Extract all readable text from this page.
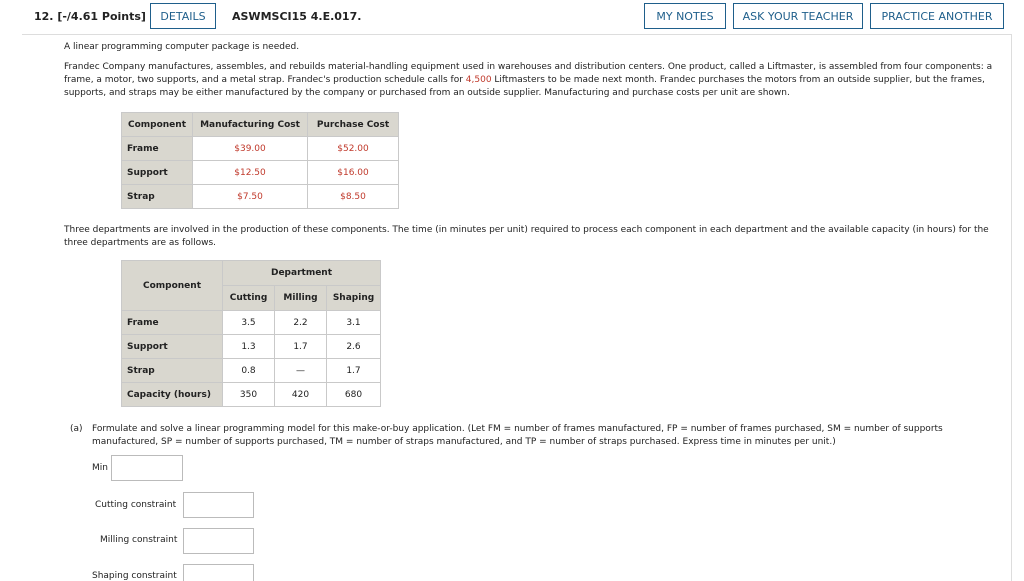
12. [-/4.61 Points]	DETAILS	ASWMSCI15 4.E.017.	MY NOTES	ASK YOUR TEACHER	PRACTICE ANOTHER

A linear programming computer package is needed.

Frandec Company manufactures, assembles, and rebuilds material-handling equipment used in warehouses and distribution centers. One product, called a Liftmaster, is assembled from four components: a frame, a motor, two supports, and a metal strap. Frandec's production schedule calls for 4,500 Liftmasters to be made next month. Frandec purchases the motors from an outside supplier, but the frames, supports, and straps may be either manufactured by the company or purchased from an outside supplier. Manufacturing and purchase costs per unit are shown.

Component	Manufacturing Cost	Purchase Cost
Frame	$39.00	$52.00
Support	$12.50	$16.00
Strap	$7.50	$8.50

Three departments are involved in the production of these components. The time (in minutes per unit) required to process each component in each department and the available capacity (in hours) for the three departments are as follows.

Component	Department		
	Cutting	Milling	Shaping
Frame	3.5	2.2	3.1
Support	1.3	1.7	2.6
Strap	0.8	—	1.7
Capacity (hours)	350	420	680
(a) Formulate and solve a linear programming model for this make-or-buy application. (Let FM = number of frames manufactured, FP = number of frames purchased, SM = number of supports manufactured, SP = number of supports purchased, TM = number of straps manufactured, and TP = number of straps purchased. Express time in minutes per unit.)

Min
Cutting constraint
Milling constraint
Shaping constraint
